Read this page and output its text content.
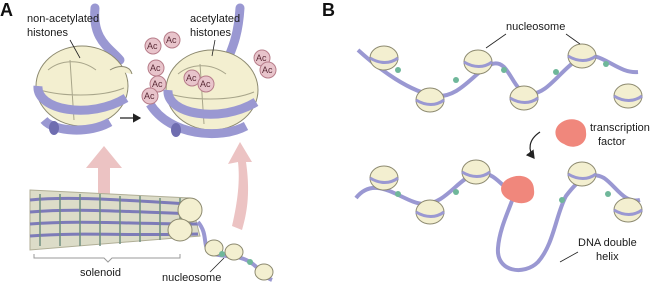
A non-acetylated
histones
acetylated
histones
Ac
Ac
Ac
Ac
Ac
Ac
Ac
Ac
Ac
solenoid	nucleosome
B
nucleosome
transcription
factor
DNA double
helix
